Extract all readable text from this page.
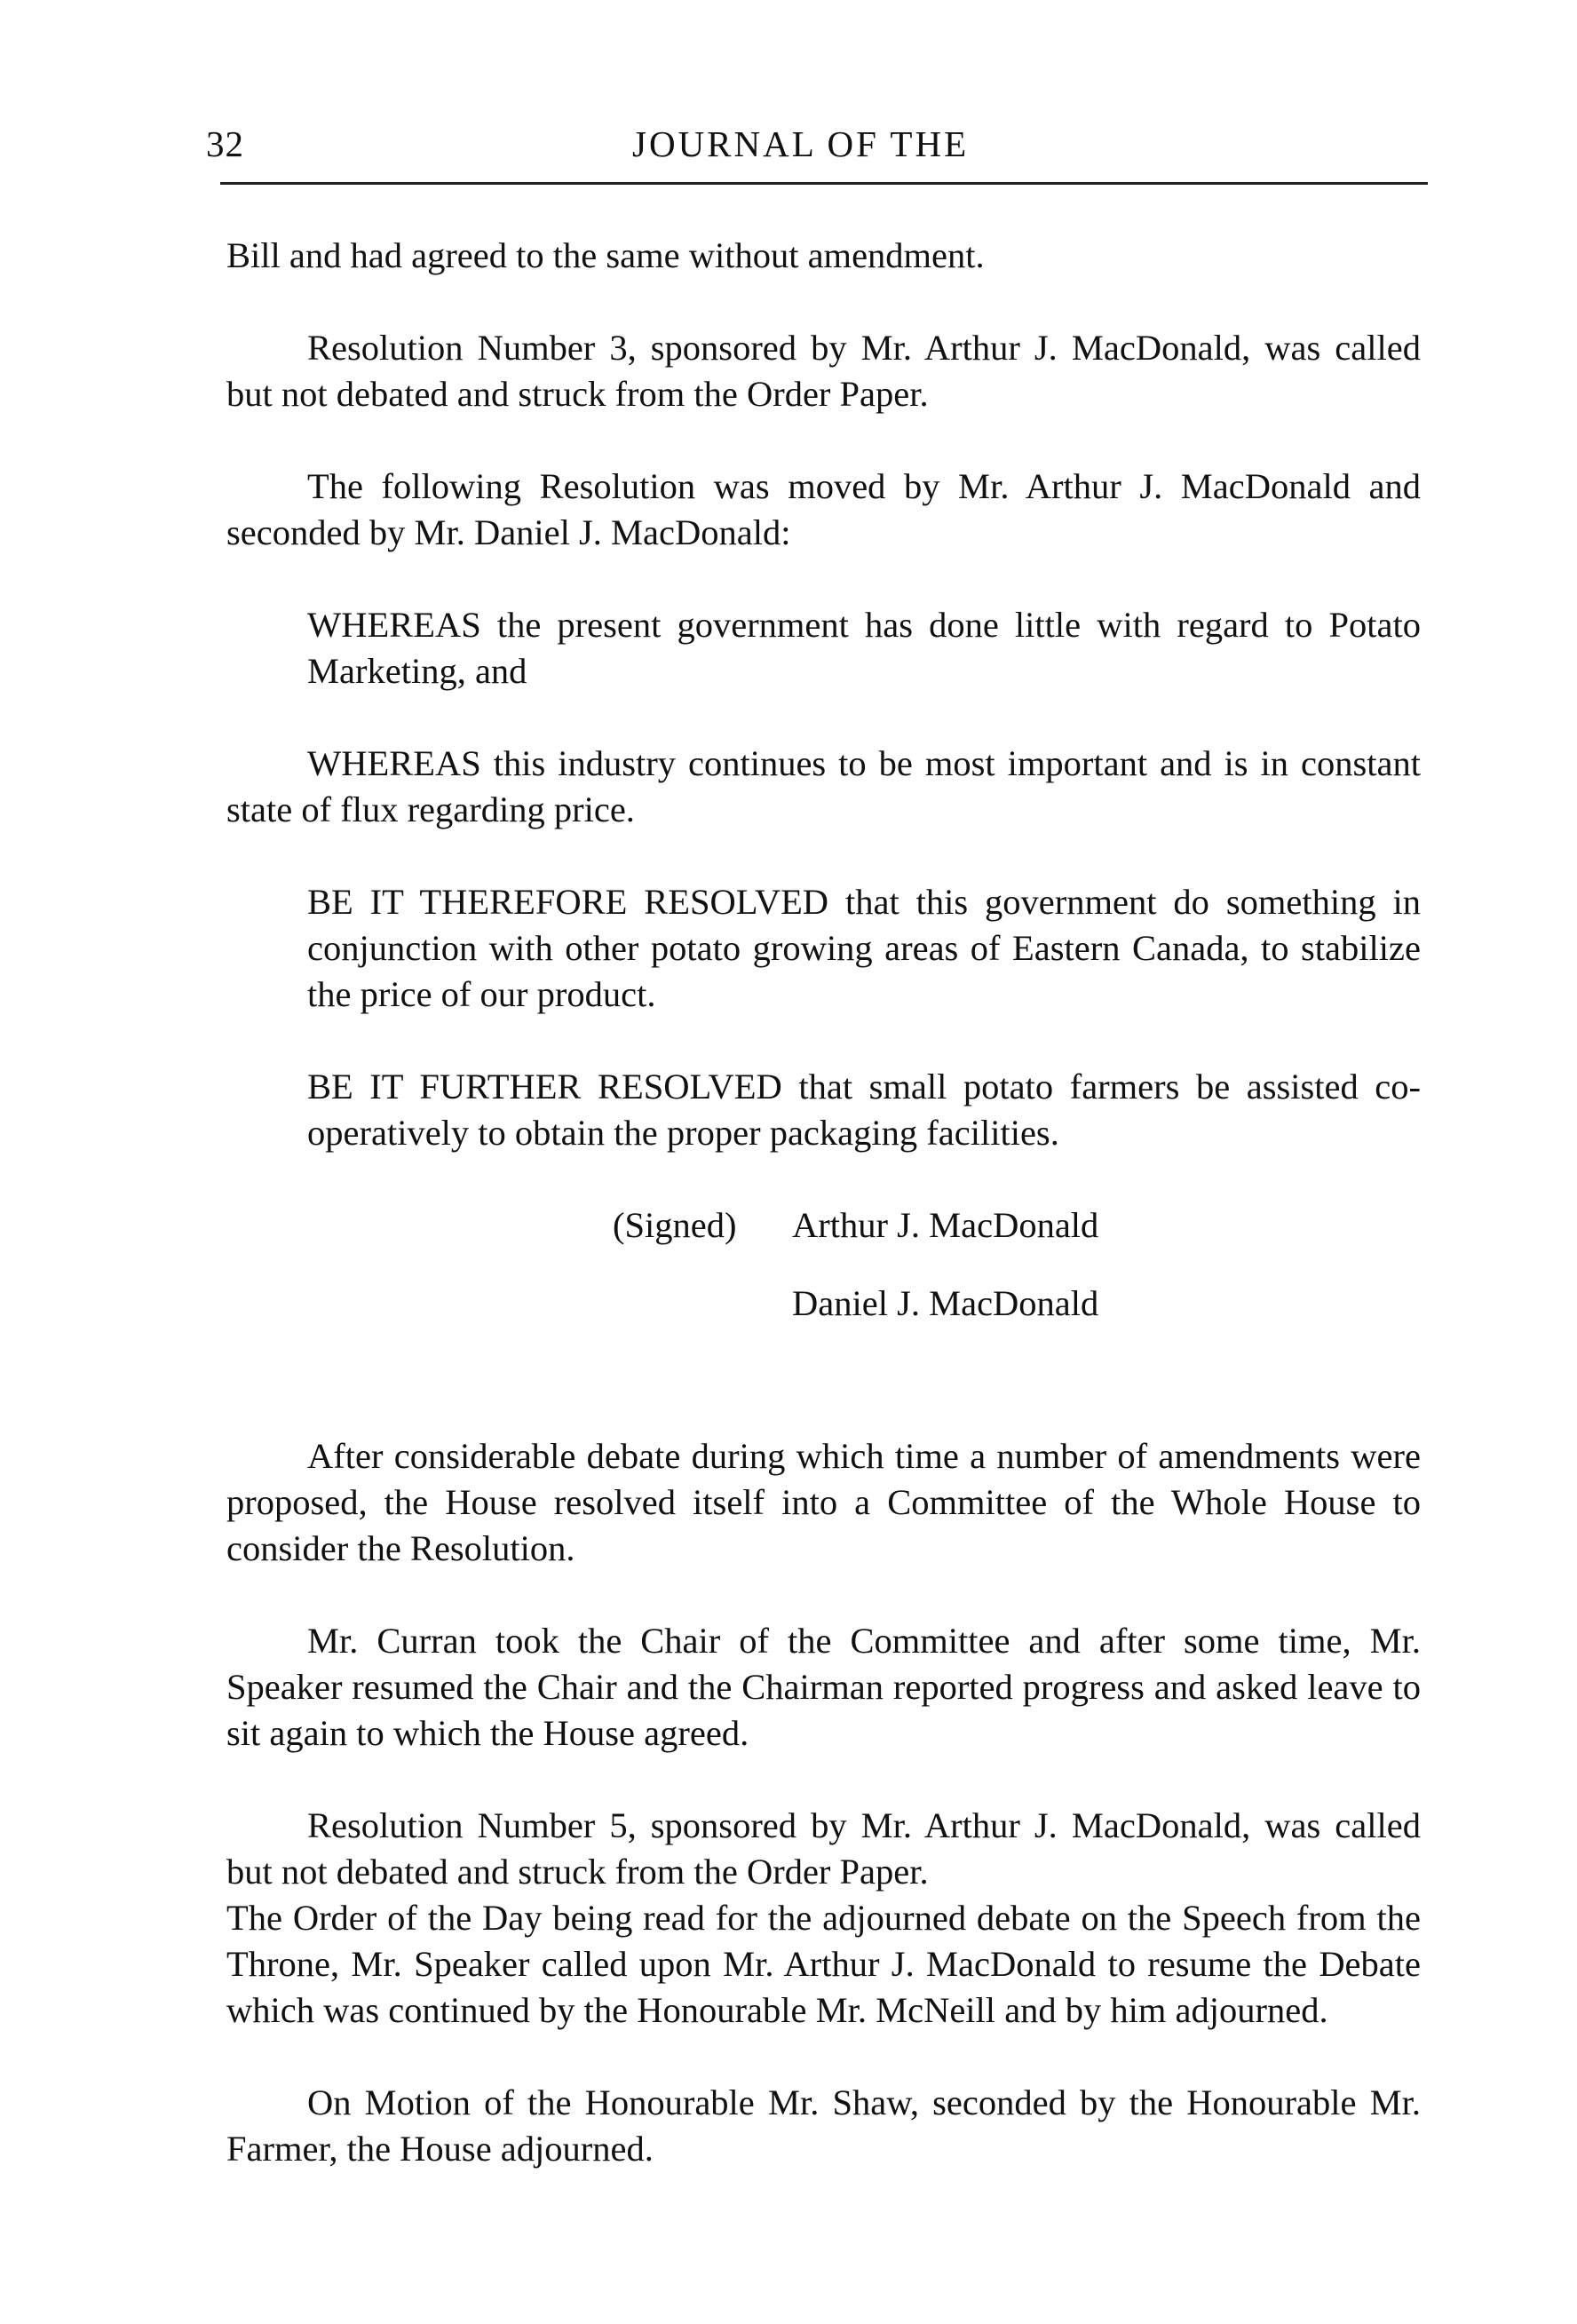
32	JOURNAL OF THE

Bill and had agreed to the same without amendment.

Resolution Number 3, sponsored by Mr. Arthur J. MacDonald, was called but not debated and struck from the Order Paper.

The following Resolution was moved by Mr. Arthur J. MacDonald and seconded by Mr. Daniel J. MacDonald:

WHEREAS the present government has done little with regard to Potato Marketing, and

WHEREAS this industry continues to be most important and is in constant state of flux regarding price.

BE IT THEREFORE RESOLVED that this government do something in conjunction with other potato growing areas of Eastern Canada, to stabilize the price of our product.

BE IT FURTHER RESOLVED that small potato farmers be assisted co-operatively to obtain the proper packaging facilities.

(Signed) Arthur J. MacDonald
Daniel J. MacDonald

After considerable debate during which time a number of amendments were proposed, the House resolved itself into a Committee of the Whole House to consider the Resolution.

Mr. Curran took the Chair of the Committee and after some time, Mr. Speaker resumed the Chair and the Chairman reported progress and asked leave to sit again to which the House agreed.

Resolution Number 5, sponsored by Mr. Arthur J. MacDonald, was called but not debated and struck from the Order Paper.

The Order of the Day being read for the adjourned debate on the Speech from the Throne, Mr. Speaker called upon Mr. Arthur J. MacDonald to resume the Debate which was continued by the Honourable Mr. McNeill and by him adjourned.

On Motion of the Honourable Mr. Shaw, seconded by the Honourable Mr. Farmer, the House adjourned.
